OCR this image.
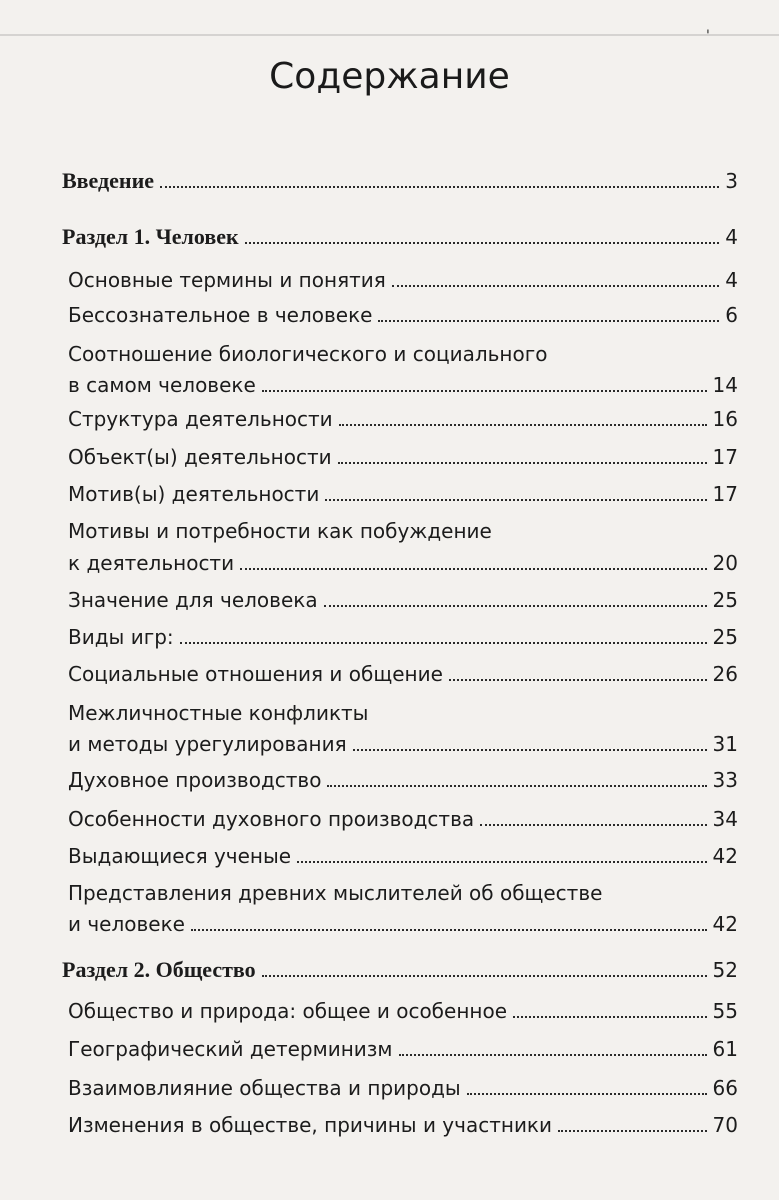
'
Содержание
Введение	3
Раздел 1. Человек	4
Основные термины и понятия	4
Бессознательное в человеке	6
Соотношение биологического и социального
в самом человеке	14
Структура деятельности	16
Объект(ы) деятельности	17
Мотив(ы) деятельности	17
Мотивы и потребности как побуждение
к деятельности	20
Значение для человека	25
Виды игр:	25
Социальные отношения и общение	26
Межличностные конфликты
и методы урегулирования	31
Духовное производство	33
Особенности духовного производства	34
Выдающиеся ученые	42
Представления древних мыслителей об обществе
и человеке	42
Раздел 2. Общество	52
Общество и природа: общее и особенное	55
Географический детерминизм	61
Взаимовлияние общества и природы	66
Изменения в обществе, причины и участники	70
